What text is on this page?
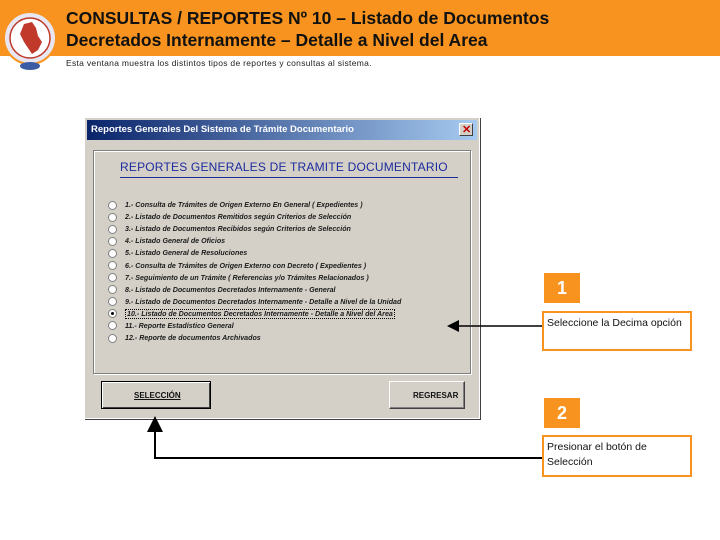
CONSULTAS / REPORTES Nº 10 – Listado de Documentos
Decretados Internamente – Detalle a Nivel del Area
Esta ventana muestra los distintos tipos de reportes y consultas al sistema.
Reportes Generales Del Sistema de Trámite Documentario	✕
REPORTES GENERALES DE TRAMITE DOCUMENTARIO
1.- Consulta de Trámites de Origen Externo En General ( Expedientes )
2.- Listado de Documentos Remitidos según Criterios de Selección
3.- Listado de Documentos Recibidos según Criterios de Selección
4.- Listado General de Oficios
5.- Listado General de Resoluciones
6.- Consulta de Trámites de Origen Externo con Decreto ( Expedientes )
7.- Seguimiento de un Trámite ( Referencias y/o Trámites Relacionados )
8.- Listado de Documentos Decretados Internamente - General
9.- Listado de Documentos Decretados Internamente - Detalle a Nivel de la Unidad
10.- Listado de Documentos Decretados Internamente - Detalle a Nivel del Area
11.- Reporte Estadístico General
12.- Reporte de documentos Archivados
SELECCIÓN	REGRESAR
1
Seleccione la Decima opción
2
Presionar el botón de Selección
